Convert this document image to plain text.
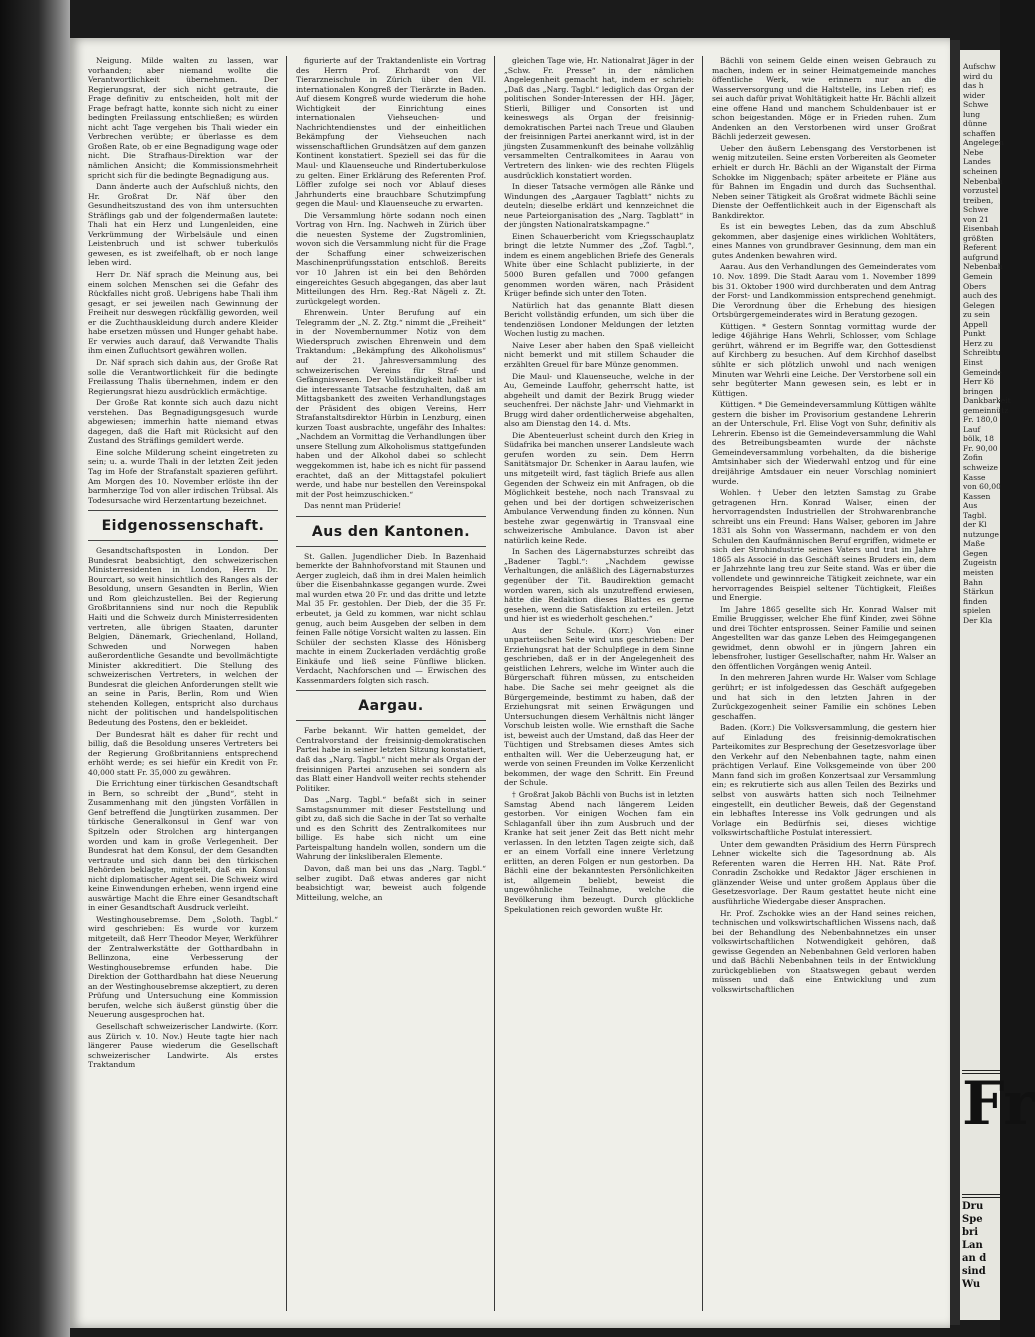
Neigung. Milde walten zu lassen, war vorhanden; aber niemand wollte die Verantwortlichkeit übernehmen. Der Regierungsrat, der sich nicht getraute, die Frage definitiv zu entscheiden, holt mit der Frage befragt hatte, konnte sich nicht zu einer bedingten Freilassung entschließen; es würden nicht acht Tage vergehen bis Thali wieder ein Verbrechen verübte; er überlasse es dem Großen Rate, ob er eine Begnadigung wage oder nicht. Die Strafhaus-Direktion war der nämlichen Ansicht; die Kommissionsmehrheit spricht sich für die bedingte Begnadigung aus.

Dann änderte auch der Aufschluß nichts, den Hr. Großrat Dr. Näf über den Gesundheitszustand des von ihm untersuchten Sträflings gab und der folgendermaßen lautete: Thali hat ein Herz und Lungenleiden, eine Verkrümmung der Wirbelsäule und einen Leistenbruch und ist schwer tuberkulös gewesen, es ist zweifelhaft, ob er noch lange leben wird.

Herr Dr. Näf sprach die Meinung aus, bei einem solchen Menschen sei die Gefahr des Rückfalles nicht groß. Uebrigens habe Thali ihm gesagt, er sei jeweilen nach Gewinnung der Freiheit nur deswegen rückfällig geworden, weil er die Zuchthauskleidung durch andere Kleider habe ersetzen müssen und Hunger gehabt habe. Er verwies auch darauf, daß Verwandte Thalis ihm einen Zufluchtsort gewähren wollen.

Dr. Näf sprach sich dahin aus, der Große Rat solle die Verantwortlichkeit für die bedingte Freilassung Thalis übernehmen, indem er den Regierungsrat hiezu ausdrücklich ermächtige.

Der Große Rat konnte sich auch dazu nicht verstehen. Das Begnadigungsgesuch wurde abgewiesen; immerhin hatte niemand etwas dagegen, daß die Haft mit Rücksicht auf den Zustand des Sträflings gemildert werde.

Eine solche Milderung scheint eingetreten zu sein; u. a. wurde Thali in der letzten Zeit jeden Tag im Hofe der Strafanstalt spazieren geführt. Am Morgen des 10. November erlöste ihn der barmherzige Tod von aller irdischen Trübsal. Als Todesursache wird Herzentartung bezeichnet.

Eidgenossenschaft.

Gesandtschaftsposten in London. Der Bundesrat beabsichtigt, den schweizerischen Ministerresidenten in London, Herrn Dr. Bourcart, so weit hinsichtlich des Ranges als der Besoldung, unsern Gesandten in Berlin, Wien und Rom gleichzustellen. Bei der Regierung Großbritanniens sind nur noch die Republik Haiti und die Schweiz durch Ministerresidenten vertreten, alle übrigen Staaten, darunter Belgien, Dänemark, Griechenland, Holland, Schweden und Norwegen haben außerordentliche Gesandte und bevollmächtigte Minister akkreditiert. Die Stellung des schweizerischen Vertreters, in welchen der Bundesrat die gleichen Anforderungen stellt wie an seine in Paris, Berlin, Rom und Wien stehenden Kollegen, entspricht also durchaus nicht der politischen und handelspolitischen Bedeutung des Postens, den er bekleidet.

Der Bundesrat hält es daher für recht und billig, daß die Besoldung unseres Vertreters bei der Regierung Großbritanniens entsprechend erhöht werde; es sei hiefür ein Kredit von Fr. 40,000 statt Fr. 35,000 zu gewähren.

Die Errichtung einer türkischen Gesandtschaft in Bern, so schreibt der „Bund“, steht in Zusammenhang mit den jüngsten Vorfällen in Genf betreffend die Jungtürken zusammen. Der türkische Generalkonsul in Genf war von Spitzeln oder Strolchen arg hintergangen worden und kam in große Verlegenheit. Der Bundesrat hat dem Konsul, der dem Gesandten vertraute und sich dann bei den türkischen Behörden beklagte, mitgeteilt, daß ein Konsul nicht diplomatischer Agent sei. Die Schweiz wird keine Einwendungen erheben, wenn irgend eine auswärtige Macht die Ehre einer Gesandtschaft in einer Gesandtschaft Ausdruck verleiht.

Westinghousebremse. Dem „Soloth. Tagbl.“ wird geschrieben: Es wurde vor kurzem mitgeteilt, daß Herr Theodor Meyer, Werkführer der Zentralwerkstätte der Gotthardbahn in Bellinzona, eine Verbesserung der Westinghousebremse erfunden habe. Die Direktion der Gotthardbahn hat diese Neuerung an der Westinghousebremse akzeptiert, zu deren Prüfung und Untersuchung eine Kommission berufen, welche sich äußerst günstig über die Neuerung ausgesprochen hat.

Gesellschaft schweizerischer Landwirte. (Korr. aus Zürich v. 10. Nov.) Heute tagte hier nach längerer Pause wiederum die Gesellschaft schweizerischer Landwirte. Als erstes Traktandum

figurierte auf der Traktandenliste ein Vortrag des Herrn Prof. Ehrhardt von der Tierarzneischule in Zürich über den VII. internationalen Kongreß der Tierärzte in Baden. Auf diesem Kongreß wurde wiederum die hohe Wichtigkeit der Einrichtung eines internationalen Viehseuchen- und Nachrichtendienstes und der einheitlichen Bekämpfung der Viehseuchen nach wissenschaftlichen Grundsätzen auf dem ganzen Kontinent konstatiert. Speziell sei das für die Maul- und Klauenseuche und Rindertuberkulose zu gelten. Einer Erklärung des Referenten Prof. Löffler zufolge sei noch vor Ablauf dieses Jahrhunderts eine brauchbare Schutzimpfung gegen die Maul- und Klauenseuche zu erwarten.

Die Versammlung hörte sodann noch einen Vortrag von Hrn. Ing. Nachweh in Zürich über die neuesten Systeme der Zugstromlinien, wovon sich die Versammlung nicht für die Frage der Schaffung einer schweizerischen Maschinenprüfungsstation entschloß. Bereits vor 10 Jahren ist ein bei den Behörden eingereichtes Gesuch abgegangen, das aber laut Mitteilungen des Hrn. Reg.-Rat Nägeli z. Zt. zurückgelegt worden.

Ehrenwein. Unter Berufung auf ein Telegramm der „N. Z. Ztg.“ nimmt die „Freiheit“ in der Novembernummer Notiz von dem Wiederspruch zwischen Ehrenwein und dem Traktandum: „Bekämpfung des Alkoholismus“ auf der 21. Jahresversammlung des schweizerischen Vereins für Straf- und Gefängniswesen. Der Vollständigkeit halber ist die interessante Tatsache festzuhalten, daß am Mittagsbankett des zweiten Verhandlungstages der Präsident des obigen Vereins, Herr Strafanstaltsdirektor Hürbin in Lenzburg, einen kurzen Toast ausbrachte, ungefähr des Inhaltes: „Nachdem an Vormittag die Verhandlungen über unsere Stellung zum Alkoholismus stattgefunden haben und der Alkohol dabei so schlecht weggekommen ist, habe ich es nicht für passend erachtet, daß an der Mittagstafel pokuliert werde, und habe nur bestellen den Vereinspokal mit der Post heimzuschicken.“

Das nennt man Prüderie!

Aus den Kantonen.

St. Gallen. Jugendlicher Dieb. In Bazenhaid bemerkte der Bahnhofvorstand mit Staunen und Aerger zugleich, daß ihm in drei Malen heimlich über die Eisenbahnkasse gegangen wurde. Zwei mal wurden etwa 20 Fr. und das dritte und letzte Mal 35 Fr. gestohlen. Der Dieb, der die 35 Fr. erbeutet, ja Geld zu kommen, war nicht schlau genug, auch beim Ausgeben der selben in dem feinen Falle nötige Vorsicht walten zu lassen. Ein Schüler der sechsten Klasse des Hönisberg machte in einem Zuckerladen verdächtig große Einkäufe und ließ seine Fünfliwe blicken. Verdacht, Nachforschen und — Erwischen des Kassenmarders folgten sich rasch.

Aargau.

Farbe bekannt. Wir hatten gemeldet, der Centralvorstand der freisinnig-demokratischen Partei habe in seiner letzten Sitzung konstatiert, daß das „Narg. Tagbl.“ nicht mehr als Organ der freisinnigen Partei anzusehen sei sondern als das Blatt einer Handvoll weiter rechts stehender Politiker.

Das „Narg. Tagbl.“ befaßt sich in seiner Samstagsnummer mit dieser Feststellung und gibt zu, daß sich die Sache in der Tat so verhalte und es den Schritt des Zentralkomitees nur billige. Es habe sich nicht um eine Parteispaltung handeln wollen, sondern um die Wahrung der linksliberalen Elemente.

Davon, daß man bei uns das „Narg. Tagbl.“ selber zugibt. Daß etwas anderes gar nicht beabsichtigt war, beweist auch folgende Mitteilung, welche, an

gleichen Tage wie, Hr. Nationalrat Jäger in der „Schw. Fr. Presse“ in der nämlichen Angelegenheit gemacht hat, indem er schrieb: „Daß das „Narg. Tagbl.“ lediglich das Organ der politischen Sonder-Interessen der HH. Jäger, Stierli, Billiger und Consorten ist und keineswegs als Organ der freisinnig-demokratischen Partei nach Treue und Glauben der freisinnigen Partei anerkannt wird, ist in der jüngsten Zusammenkunft des beinahe vollzählig versammelten Centralkomitees in Aarau von Vertretern des linken- wie des rechten Flügels ausdrücklich konstatiert worden.

In dieser Tatsache vermögen alle Ränke und Windungen des „Aargauer Tagblatt“ nichts zu deuteln; dieselbe erklärt und kennzeichnet die neue Parteiorganisation des „Narg. Tagblatt“ in der jüngsten Nationalratskampagne.“

Einen Schauerbericht vom Kriegsschauplatz bringt die letzte Nummer des „Zof. Tagbl.“, indem es einem angeblichen Briefe des Generals White über eine Schlacht publizierte, in der 5000 Buren gefallen und 7000 gefangen genommen worden wären, nach Präsident Krüger befinde sich unter den Toten.

Natürlich hat das genannte Blatt diesen Bericht vollständig erfunden, um sich über die tendenziösen Londoner Meldungen der letzten Wochen lustig zu machen.

Naive Leser aber haben den Spaß vielleicht nicht bemerkt und mit stillem Schauder die erzählten Greuel für bare Münze genommen.

Die Maul- und Klauenseuche, welche in der Au, Gemeinde Lauffohr, geherrscht hatte, ist abgeheilt und damit der Bezirk Brugg wieder seuchenfrei. Der nächste Jahr- und Viehmarkt in Brugg wird daher ordentlicherweise abgehalten, also am Dienstag den 14. d. Mts.

Die Abenteuerlust scheint durch den Krieg in Südafrika bei manchen unserer Landsleute wach gerufen worden zu sein. Dem Herrn Sanitätsmajor Dr. Schenker in Aarau laufen, wie uns mitgeteilt wird, fast täglich Briefe aus allen Gegenden der Schweiz ein mit Anfragen, ob die Möglichkeit bestehe, noch nach Transvaal zu gehen und bei der dortigen schweizerischen Ambulance Verwendung finden zu können. Nun bestehe zwar gegenwärtig in Transvaal eine schweizerische Ambulance. Davon ist aber natürlich keine Rede.

In Sachen des Lägernabsturzes schreibt das „Badener Tagbl.“: „Nachdem gewisse Verhaltungen, die anläßlich des Lägernabsturzes gegenüber der Tit. Baudirektion gemacht worden waren, sich als unzutreffend erwiesen, hätte die Redaktion dieses Blattes es gerne gesehen, wenn die Satisfaktion zu erteilen. Jetzt und hier ist es wiederholt geschehen.“

Aus der Schule. (Korr.) Von einer unparteiischen Seite wird uns geschrieben: Der Erziehungsrat hat der Schulpflege in dem Sinne geschrieben, daß er in der Angelegenheit des geistlichen Lehrers, welche im Winter auch die Bürgerschaft führen müssen, zu entscheiden habe. Die Sache sei mehr geeignet als die Bürgergemeinde, bestimmt zu haben, daß der Erziehungsrat mit seinen Erwägungen und Untersuchungen diesem Verhältnis nicht länger Vorschub leisten wolle. Wie ernsthaft die Sache ist, beweist auch der Umstand, daß das Heer der Tüchtigen und Strebsamen dieses Amtes sich enthalten will. Wer die Ueberzeugung hat, er werde von seinen Freunden im Volke Kerzenlicht bekommen, der wage den Schritt. Ein Freund der Schule.

† Großrat Jakob Bächli von Buchs ist in letzten Samstag Abend nach längerem Leiden gestorben. Vor einigen Wochen fam ein Schlaganfall über ihn zum Ausbruch und der Kranke hat seit jener Zeit das Bett nicht mehr verlassen. In den letzten Tagen zeigte sich, daß er an einem Vorfall eine innere Verletzung erlitten, an deren Folgen er nun gestorben. Da Bächli eine der bekanntesten Persönlichkeiten ist, allgemein beliebt, beweist die ungewöhnliche Teilnahme, welche die Bevölkerung ihm bezeugt. Durch glückliche Spekulationen reich geworden wußte Hr.

Bächli von seinem Gelde einen weisen Gebrauch zu machen, indem er in seiner Heimatgemeinde manches öffentliche Werk, wie erinnern nur an die Wasserversorgung und die Haltstelle, ins Leben rief; es sei auch dafür privat Wohltätigkeit hatte Hr. Bächli allzeit eine offene Hand und manchem Schuldenbauer ist er schon beigestanden. Möge er in Frieden ruhen. Zum Andenken an den Verstorbenen wird unser Großrat Bächli jederzeit gewesen.

Ueber den äußern Lebensgang des Verstorbenen ist wenig mitzuteilen. Seine ersten Vorbereiten als Geometer erhielt er durch Hr. Bächli an der Wiganstalt der Firma Schokke im Niggenbach; später arbeitete er Pläne aus für Bahnen im Engadin und durch das Suchsenthal. Neben seiner Tätigkeit als Großrat widmete Bächli seine Dienste der Oeffentlichkeit auch in der Eigenschaft als Bankdirektor.

Es ist ein bewegtes Leben, das da zum Abschluß gekommen, aber dasjenige eines wirklichen Wohltäters, eines Mannes von grundbraver Gesinnung, dem man ein gutes Andenken bewahren wird.

Aarau. Aus den Verhandlungen des Gemeinderates vom 10. Nov. 1899. Die Stadt Aarau vom 1. November 1899 bis 31. Oktober 1900 wird durchberaten und dem Antrag der Forst- und Landkommission entsprechend genehmigt. Die Verordnung über die Erhebung des hiesigen Ortsbürgergemeinderates wird in Beratung gezogen.

Küttigen. * Gestern Sonntag vormittag wurde der ledige 46jährige Hans Wehrli, Schlosser, vom Schlage gerührt, während er im Begriffe war, den Gottesdienst auf Kirchberg zu besuchen. Auf dem Kirchhof daselbst sühlte er sich plötzlich unwohl und nach wenigen Minuten war Wehrli eine Leiche. Der Verstorbene soll ein sehr begüterter Mann gewesen sein, es lebt er in Küttigen.

Küttigen. * Die Gemeindeversammlung Küttigen wählte gestern die bisher im Provisorium gestandene Lehrerin an der Unterschule, Frl. Elise Vogt von Suhr, definitiv als Lehrerin. Ebenso ist die Gemeindeversammlung die Wahl des Betreibungsbeamten wurde der nächste Gemeindeversammlung vorbehalten, da die bisherige Amtsinhaber sich der Wiederwahl entzog und für eine dreijährige Amtsdauer ein neuer Vorschlag nominiert wurde.

Wohlen. † Ueber den letzten Samstag zu Grabe getragenen Hrn. Konrad Walser, einen der hervorragendsten Industriellen der Strohwarenbranche schreibt uns ein Freund: Hans Walser, geboren im Jahre 1831 als Sohn von Wassermann, nachdem er von den Schulen den Kaufmännischen Beruf ergriffen, widmete er sich der Strohindustrie seines Vaters und trat im Jahre 1865 als Associé in das Geschäft seines Bruders ein, dem er Jahrzehnte lang treu zur Seite stand. Was er über die vollendete und gewinnreiche Tätigkeit zeichnete, war ein hervorragendes Beispiel seltener Tüchtigkeit, Fleißes und Energie.

Im Jahre 1865 gesellte sich Hr. Konrad Walser mit Emilie Bruggisser, welcher Ehe fünf Kinder, zwei Söhne und drei Töchter entsprossen. Seiner Familie und seinen Angestellten war das ganze Leben des Heimgegangenen gewidmet, denn obwohl er in jüngern Jahren ein lebensfroher, lustiger Gesellschafter, nahm Hr. Walser an den öffentlichen Vorgängen wenig Anteil.

In den mehreren Jahren wurde Hr. Walser vom Schlage gerührt; er ist infolgedessen das Geschäft aufgegeben und hat sich in den letzten Jahren in der Zurückgezogenheit seiner Familie ein schönes Leben geschaffen.

Baden. (Korr.) Die Volksversammlung, die gestern hier auf Einladung des freisinnig-demokratischen Parteikomites zur Besprechung der Gesetzesvorlage über den Verkehr auf den Nebenbahnen tagte, nahm einen prächtigen Verlauf. Eine Volksgemeinde von über 200 Mann fand sich im großen Konzertsaal zur Versammlung ein; es rekrutierte sich aus allen Teilen des Bezirks und selbst von auswärts hatten sich noch Teilnehmer eingestellt, ein deutlicher Beweis, daß der Gegenstand ein lebhaftes Interesse ins Volk gedrungen und als Vorlage ein Bedürfnis sei, dieses wichtige volkswirtschaftliche Postulat interessiert.

Unter dem gewandten Präsidium des Herrn Fürsprech Lehner wickelte sich die Tagesordnung ab. Als Referenten waren die Herren HH. Nat. Räte Prof. Conradin Zschokke und Redaktor Jäger erschienen in glänzender Weise und unter großem Applaus über die Gesetzesvorlage. Der Raum gestattet heute nicht eine ausführliche Wiedergabe dieser Ansprachen.

Hr. Prof. Zschokke wies an der Hand seines reichen, technischen und volkswirtschaftlichen Wissens nach, daß bei der Behandlung des Nebenbahnnetzes ein unser volkswirtschaftlichen Notwendigkeit gehören, daß gewisse Gegenden an Nebenbahnen Geld verloren haben und daß Bächli Nebenbahnen teils in der Entwicklung zurückgeblieben von Staatswegen gebaut werden müssen und daß eine Entwicklung und zum volkswirtschaftlichen

Aufschw
wird du
das h
wider
Schwe
lung
dünne
schaffen
Angelegen
Nebe
Landes
scheinen
Nebenbah
vorzustel
treiben,
Schwe
von 21
Eisenbah
größten
Referent
aufgrund
Nebenbah
Gemein
Obers
auch des
Gelegen
zu sein
Appell
Punkt
Herz zu
Schreibtu
Einst
Gemeinde
Herr Kö
bringen
Dankbarkeit
gemeinnütz
Fr. 180,0
Lauf
bölk, 18
Fr. 90,00
Zofin
schweize
Kasse
von 60,00
Kassen
Aus
Tagbl.
der Kl
nutzunge
Maße
Gegen
Zugeistn
meisten
Bahn
Stärkun
finden
spielen
Der Kla
Fr
Dru
Spe
bri
Lan
an d
sind
Wu
